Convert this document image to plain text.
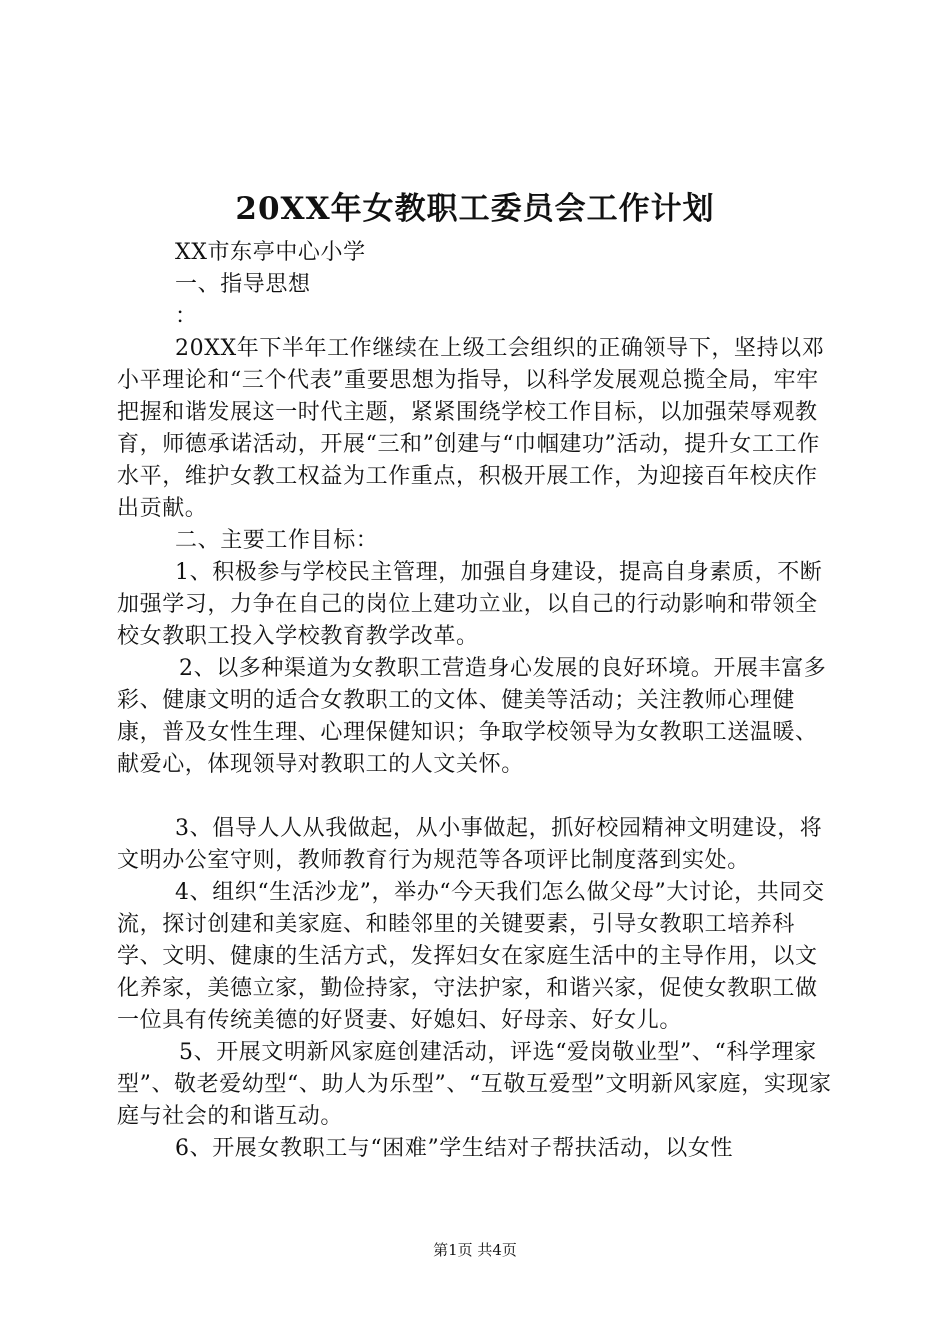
20XX年女教职工委员会工作计划

XX市东亭中心小学

一、指导思想

：

20XX年下半年工作继续在上级工会组织的正确领导下，坚持以邓小平理论和“三个代表”重要思想为指导，以科学发展观总揽全局，牢牢把握和谐发展这一时代主题，紧紧围绕学校工作目标，以加强荣辱观教育，师德承诺活动，开展“三和”创建与“巾帼建功”活动，提升女工工作水平，维护女教工权益为工作重点，积极开展工作，为迎接百年校庆作出贡献。

二、主要工作目标：

1、积极参与学校民主管理，加强自身建设，提高自身素质，不断加强学习，力争在自己的岗位上建功立业，以自己的行动影响和带领全校女教职工投入学校教育教学改革。

2、以多种渠道为女教职工营造身心发展的良好环境。开展丰富多彩、健康文明的适合女教职工的文体、健美等活动；关注教师心理健康，普及女性生理、心理保健知识；争取学校领导为女教职工送温暖、献爱心，体现领导对教职工的人文关怀。

3、倡导人人从我做起，从小事做起，抓好校园精神文明建设，将文明办公室守则，教师教育行为规范等各项评比制度落到实处。

4、组织“生活沙龙”，举办“今天我们怎么做父母”大讨论，共同交流，探讨创建和美家庭、和睦邻里的关键要素，引导女教职工培养科学、文明、健康的生活方式，发挥妇女在家庭生活中的主导作用，以文化养家，美德立家，勤俭持家，守法护家，和谐兴家，促使女教职工做一位具有传统美德的好贤妻、好媳妇、好母亲、好女儿。

5、开展文明新风家庭创建活动，评选“爱岗敬业型”、“科学理家型”、敬老爱幼型“、助人为乐型”、“互敬互爱型”文明新风家庭，实现家庭与社会的和谐互动。

6、开展女教职工与“困难”学生结对子帮扶活动，以女性

第1页 共4页
